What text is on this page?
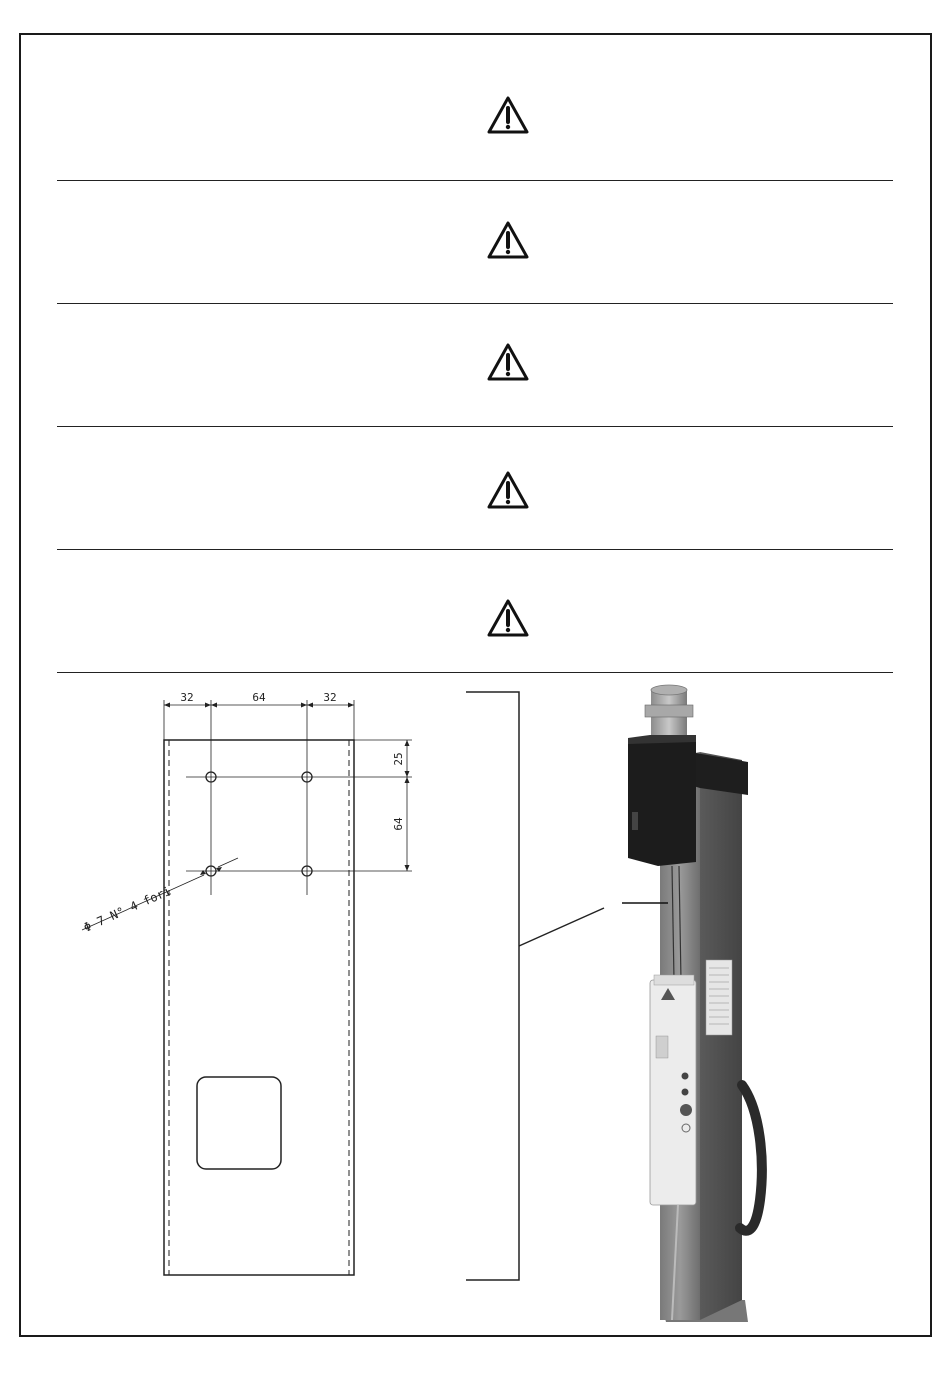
32	64	32
25
64
Φ 7 N° 4 fori
